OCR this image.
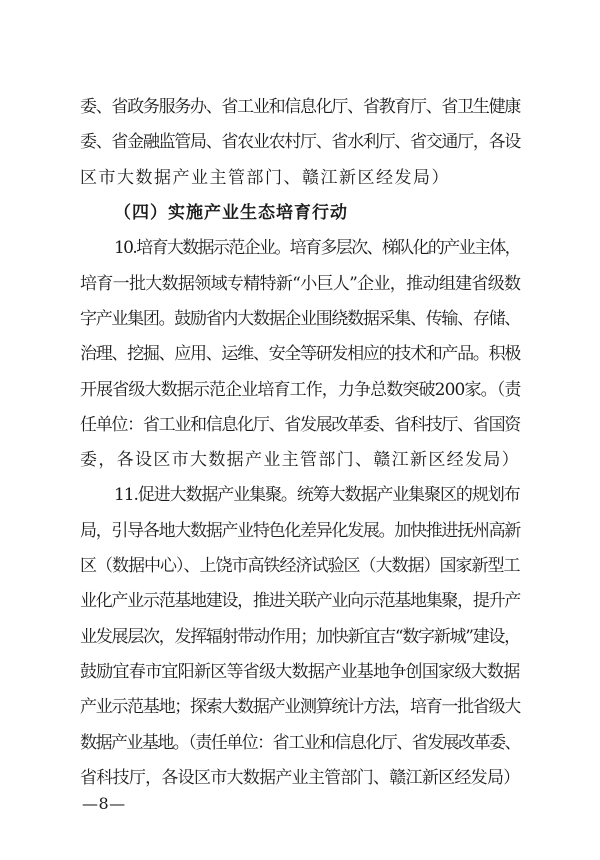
委、省政务服务办、省工业和信息化厅、省教育厅、省卫生健康
委、省金融监管局、省农业农村厅、省水利厅、省交通厅，各设
区市大数据产业主管部门、赣江新区经发局）
（四）实施产业生态培育行动
10.培育大数据示范企业。培育多层次、梯队化的产业主体，
培育一批大数据领域专精特新“小巨人”企业，推动组建省级数
字产业集团。鼓励省内大数据企业围绕数据采集、传输、存储、
治理、挖掘、应用、运维、安全等研发相应的技术和产品。积极
开展省级大数据示范企业培育工作，力争总数突破200家。（责
任单位：省工业和信息化厅、省发展改革委、省科技厅、省国资
委，各设区市大数据产业主管部门、赣江新区经发局）
11.促进大数据产业集聚。统筹大数据产业集聚区的规划布
局，引导各地大数据产业特色化差异化发展。加快推进抚州高新
区（数据中心）、上饶市高铁经济试验区（大数据）国家新型工
业化产业示范基地建设，推进关联产业向示范基地集聚，提升产
业发展层次，发挥辐射带动作用；加快新宜吉“数字新城”建设，
鼓励宜春市宜阳新区等省级大数据产业基地争创国家级大数据
产业示范基地；探索大数据产业测算统计方法，培育一批省级大
数据产业基地。（责任单位：省工业和信息化厅、省发展改革委、
省科技厅，各设区市大数据产业主管部门、赣江新区经发局）
—8—
